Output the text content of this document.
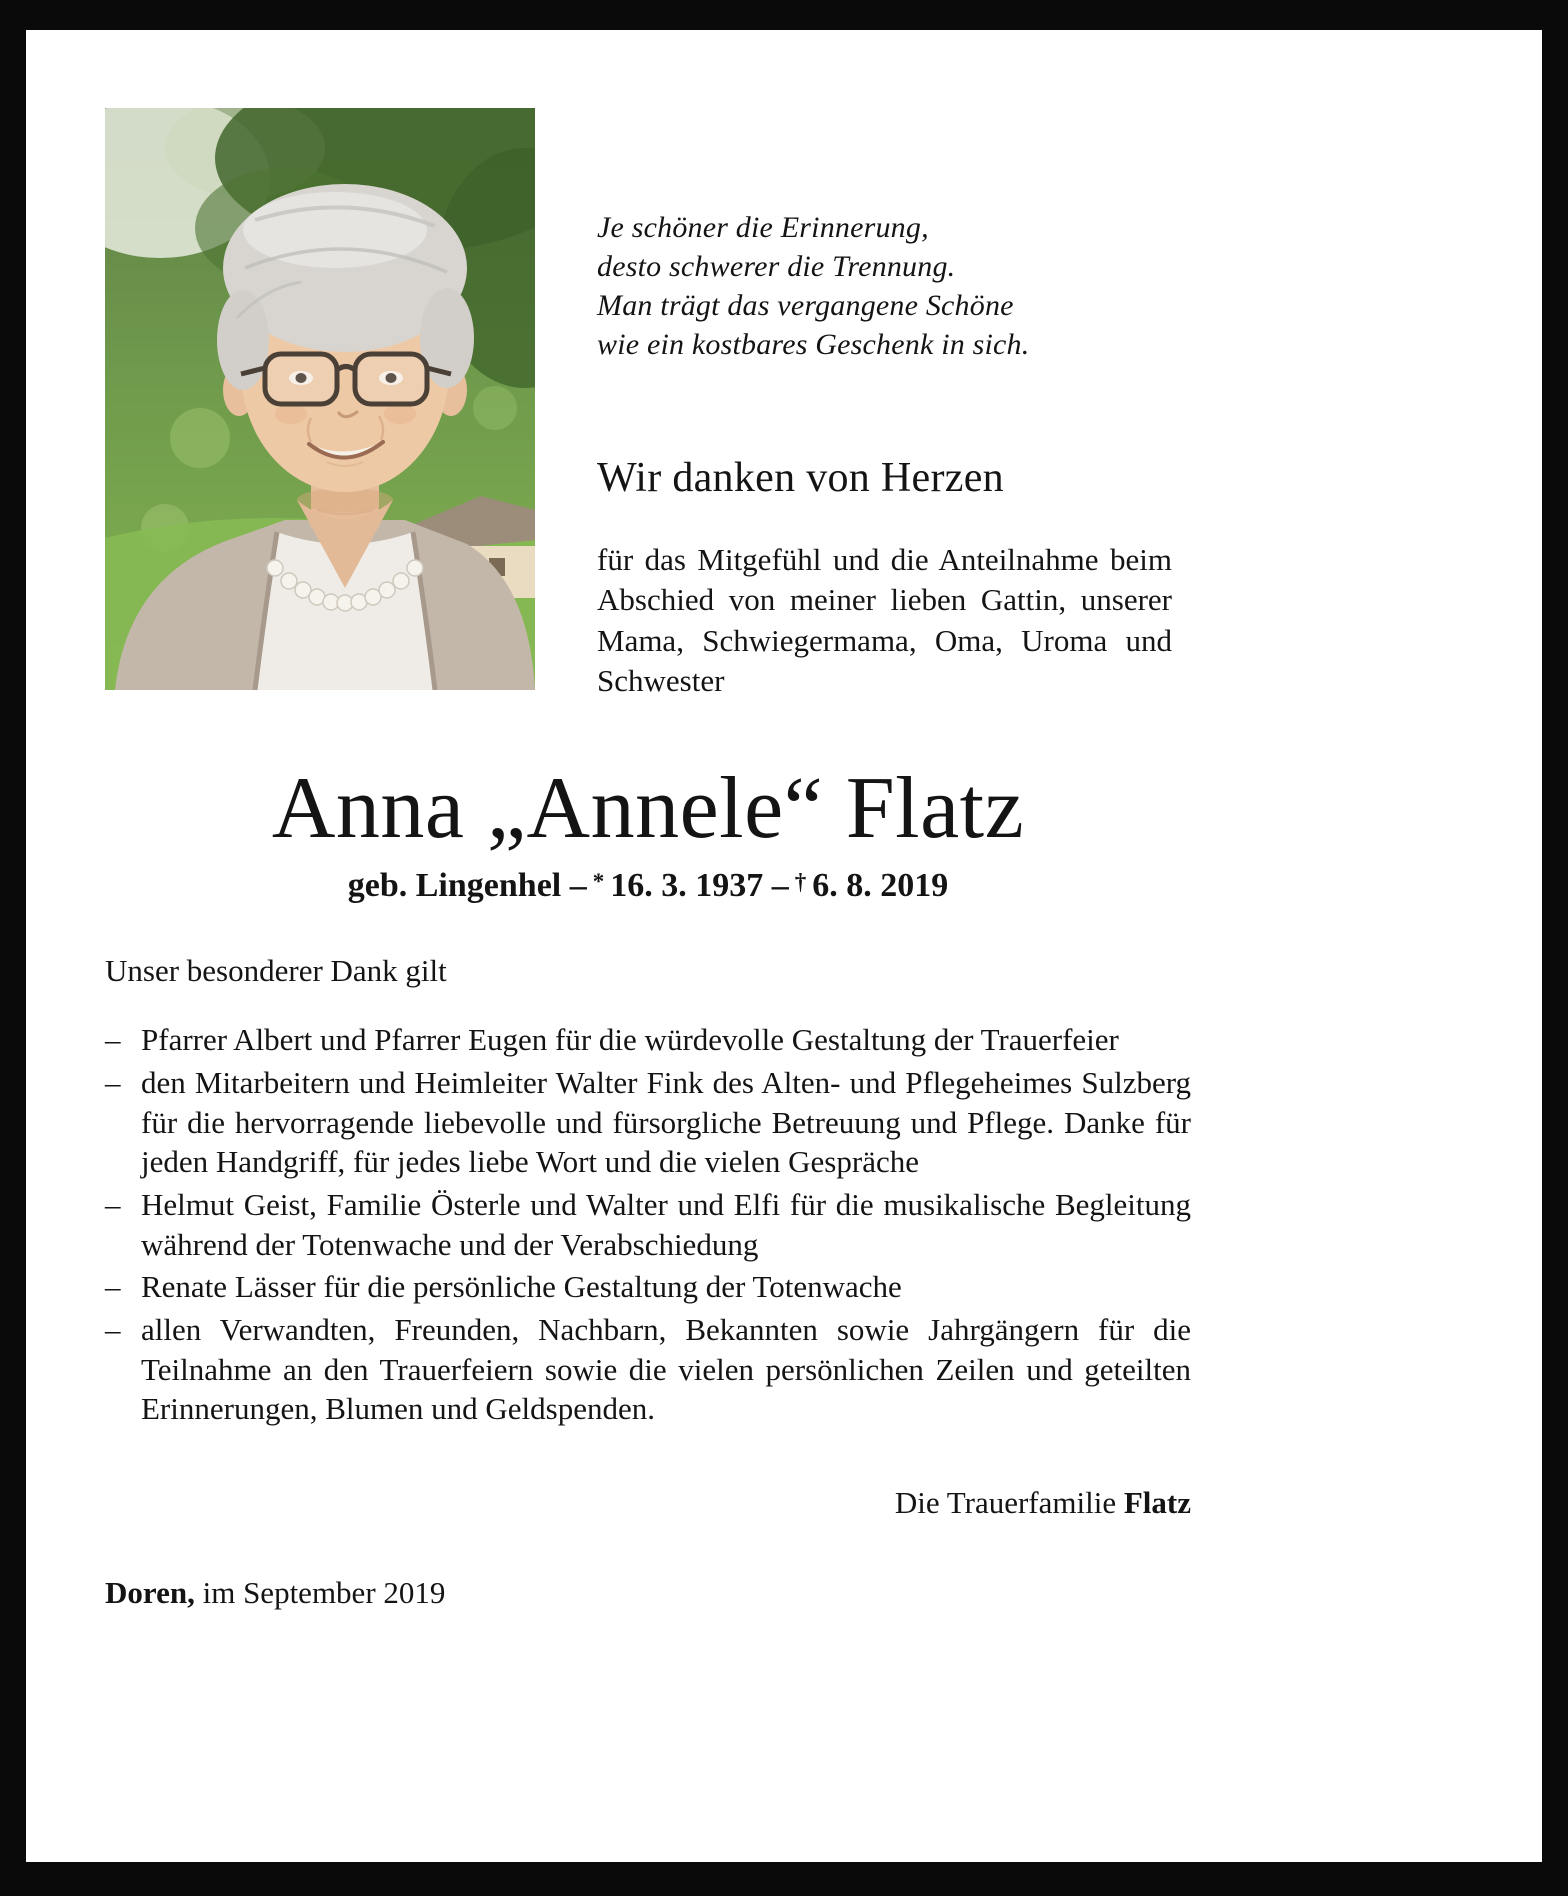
Je schöner die Erinnerung,
desto schwerer die Trennung.
Man trägt das vergangene Schöne
wie ein kostbares Geschenk in sich.
Wir danken von Herzen

für das Mitgefühl und die Anteilnahme beim Abschied von meiner lieben Gattin, unserer Mama, Schwiegermama, Oma, Uroma und Schwester

Anna „Annele“ Flatz
geb. Lingenhel – * 16. 3. 1937 – † 6. 8. 2019

Unser besonderer Dank gilt

– Pfarrer Albert und Pfarrer Eugen für die würdevolle Gestaltung der Trauerfeier
– den Mitarbeitern und Heimleiter Walter Fink des Alten- und Pflegeheimes Sulzberg für die hervorragende liebevolle und fürsorgliche Betreuung und Pflege. Danke für jeden Handgriff, für jedes liebe Wort und die vielen Gespräche
– Helmut Geist, Familie Österle und Walter und Elfi für die musikalische Begleitung während der Totenwache und der Verabschiedung
– Renate Lässer für die persönliche Gestaltung der Totenwache
– allen Verwandten, Freunden, Nachbarn, Bekannten sowie Jahrgängern für die Teilnahme an den Trauerfeiern sowie die vielen persönlichen Zeilen und geteilten Erinnerungen, Blumen und Geldspenden.
Die Trauerfamilie Flatz
Doren, im September 2019
